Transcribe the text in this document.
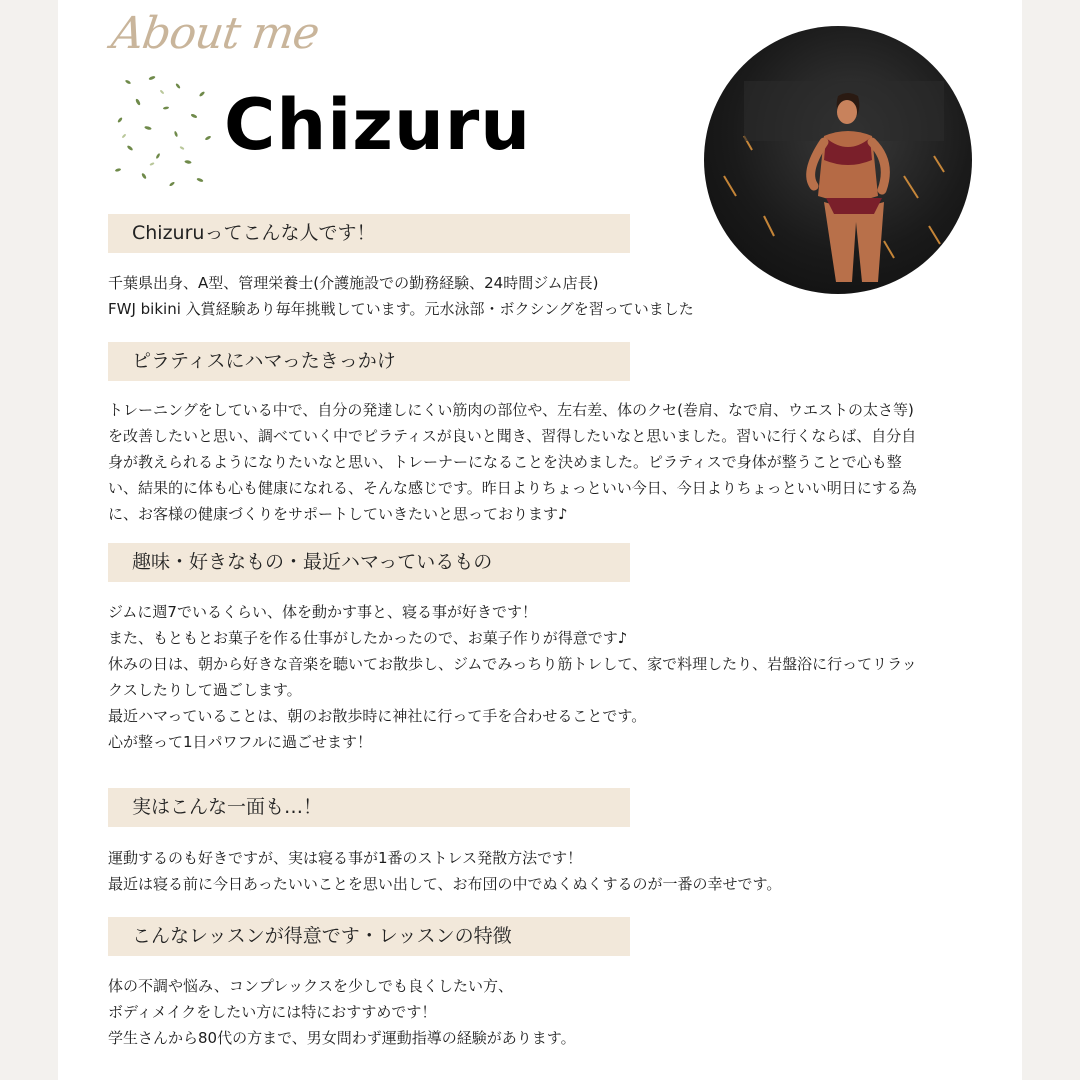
About me
Chizuru
Chizuruってこんな人です！
千葉県出身、A型、管理栄養士(介護施設での勤務経験、24時間ジム店長)
FWJ bikini 入賞経験あり毎年挑戦しています。元水泳部・ボクシングを習っていました
ピラティスにハマったきっかけ
トレーニングをしている中で、自分の発達しにくい筋肉の部位や、左右差、体のクセ(巻肩、なで肩、ウエストの太さ等)
を改善したいと思い、調べていく中でピラティスが良いと聞き、習得したいなと思いました。習いに行くならば、自分自
身が教えられるようになりたいなと思い、トレーナーになることを決めました。ピラティスで身体が整うことで心も整
い、結果的に体も心も健康になれる、そんな感じです。昨日よりちょっといい今日、今日よりちょっといい明日にする為
に、お客様の健康づくりをサポートしていきたいと思っております♪
趣味・好きなもの・最近ハマっているもの
ジムに週7でいるくらい、体を動かす事と、寝る事が好きです！
また、もともとお菓子を作る仕事がしたかったので、お菓子作りが得意です♪
休みの日は、朝から好きな音楽を聴いてお散歩し、ジムでみっちり筋トレして、家で料理したり、岩盤浴に行ってリラッ
クスしたりして過ごします。
最近ハマっていることは、朝のお散歩時に神社に行って手を合わせることです。
心が整って1日パワフルに過ごせます！
実はこんな一面も…！
運動するのも好きですが、実は寝る事が1番のストレス発散方法です！
最近は寝る前に今日あったいいことを思い出して、お布団の中でぬくぬくするのが一番の幸せです。
こんなレッスンが得意です・レッスンの特徴
体の不調や悩み、コンプレックスを少しでも良くしたい方、
ボディメイクをしたい方には特におすすめです！
学生さんから80代の方まで、男女問わず運動指導の経験があります。
